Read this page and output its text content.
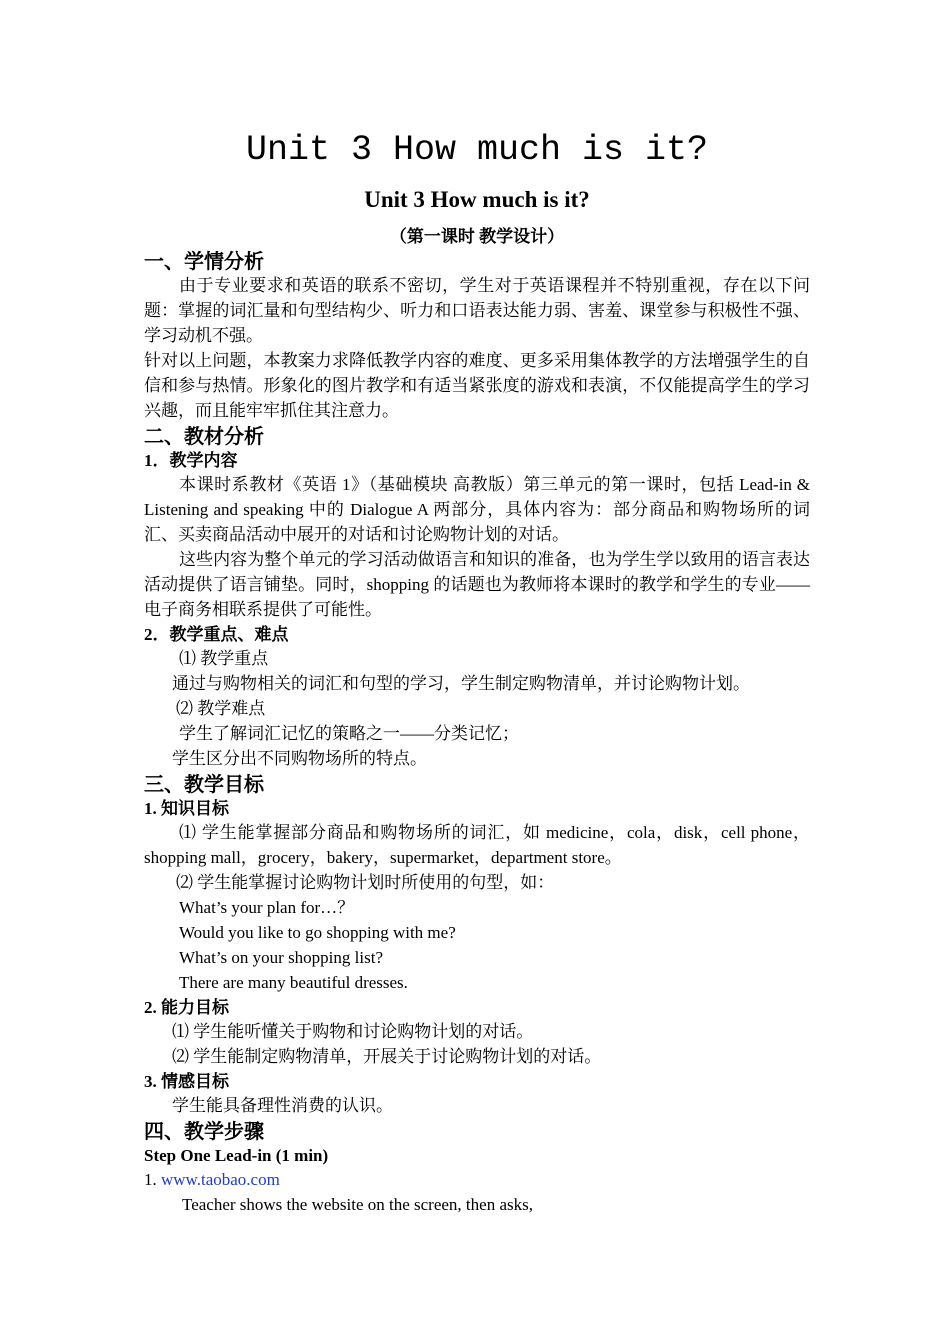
Unit 3 How much is it?
Unit 3 How much is it?
（第一课时 教学设计）
一、学情分析

由于专业要求和英语的联系不密切，学生对于英语课程并不特别重视，存在以下问题：掌握的词汇量和句型结构少、听力和口语表达能力弱、害羞、课堂参与积极性不强、学习动机不强。

针对以上问题，本教案力求降低教学内容的难度、更多采用集体教学的方法增强学生的自信和参与热情。形象化的图片教学和有适当紧张度的游戏和表演，不仅能提高学生的学习兴趣，而且能牢牢抓住其注意力。

二、教材分析
1．教学内容

本课时系教材《英语 1》（基础模块 高教版）第三单元的第一课时，包括 Lead-in & Listening and speaking 中的 Dialogue A 两部分，具体内容为：部分商品和购物场所的词汇、买卖商品活动中展开的对话和讨论购物计划的对话。

这些内容为整个单元的学习活动做语言和知识的准备，也为学生学以致用的语言表达活动提供了语言铺垫。同时，shopping 的话题也为教师将本课时的教学和学生的专业——电子商务相联系提供了可能性。

2．教学重点、难点

⑴ 教学重点

通过与购物相关的词汇和句型的学习，学生制定购物清单，并讨论购物计划。

⑵ 教学难点

学生了解词汇记忆的策略之一——分类记忆；

学生区分出不同购物场所的特点。

三、教学目标
1. 知识目标

⑴ 学生能掌握部分商品和购物场所的词汇，如 medicine，cola，disk，cell phone，shopping mall，grocery，bakery，supermarket，department store。

⑵ 学生能掌握讨论购物计划时所使用的句型，如：

What’s your plan for…？

Would you like to go shopping with me?

What’s on your shopping list?

There are many beautiful dresses.

2. 能力目标

⑴ 学生能听懂关于购物和讨论购物计划的对话。

⑵ 学生能制定购物清单，开展关于讨论购物计划的对话。

3. 情感目标

学生能具备理性消费的认识。

四、教学步骤
Step One Lead-in (1 min)

1. www.taobao.com

Teacher shows the website on the screen, then asks,
